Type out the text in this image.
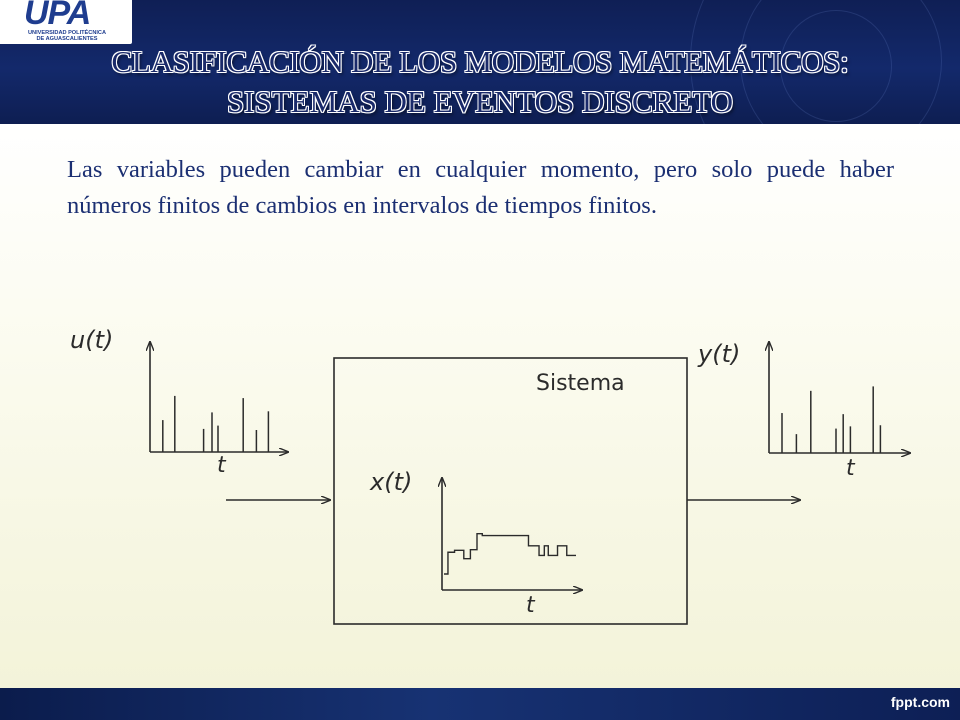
UPA
UNIVERSIDAD POLITÉCNICA
DE AGUASCALIENTES
CLASIFICACIÓN DE LOS MODELOS MATEMÁTICOS:
SISTEMAS DE EVENTOS DISCRETO
Las variables pueden cambiar en cualquier momento, pero solo puede haber números finitos de cambios en intervalos de tiempos finitos.
u(t)
t
Sistema
x(t)
t
y(t)
t
fppt.com
